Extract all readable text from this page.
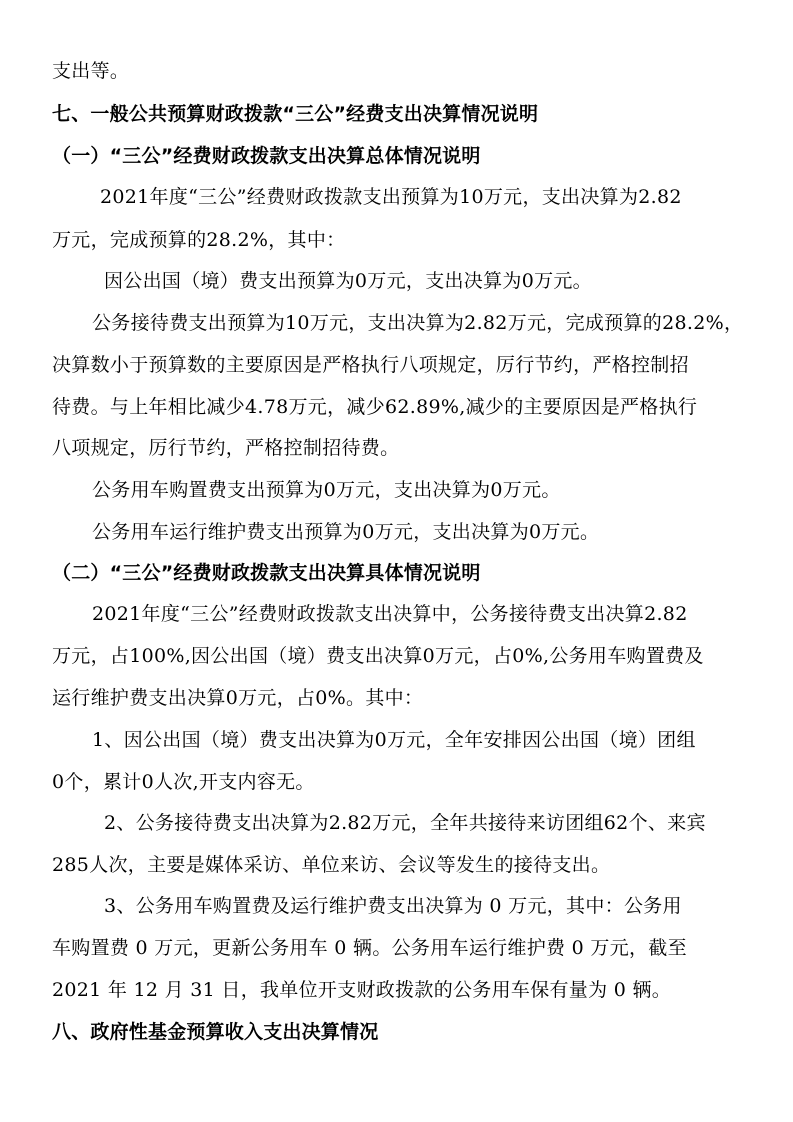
支出等。
七、一般公共预算财政拨款“三公”经费支出决算情况说明
（一）“三公”经费财政拨款支出决算总体情况说明
2021年度“三公”经费财政拨款支出预算为10万元，支出决算为2.82
万元，完成预算的28.2%，其中：
因公出国（境）费支出预算为0万元，支出决算为0万元。
公务接待费支出预算为10万元，支出决算为2.82万元，完成预算的28.2%，
决算数小于预算数的主要原因是严格执行八项规定，厉行节约，严格控制招
待费。与上年相比减少4.78万元，减少62.89%,减少的主要原因是严格执行
八项规定，厉行节约，严格控制招待费。
公务用车购置费支出预算为0万元，支出决算为0万元。
公务用车运行维护费支出预算为0万元，支出决算为0万元。
（二）“三公”经费财政拨款支出决算具体情况说明
2021年度“三公”经费财政拨款支出决算中，公务接待费支出决算2.82
万元，占100%,因公出国（境）费支出决算0万元，占0%,公务用车购置费及
运行维护费支出决算0万元，占0%。其中：
1、因公出国（境）费支出决算为0万元，全年安排因公出国（境）团组
0个，累计0人次,开支内容无。
2、公务接待费支出决算为2.82万元，全年共接待来访团组62个、来宾
285人次，主要是媒体采访、单位来访、会议等发生的接待支出。
3、公务用车购置费及运行维护费支出决算为 0 万元，其中：公务用
车购置费 0 万元，更新公务用车 0 辆。公务用车运行维护费 0 万元，截至
2021 年 12 月 31 日，我单位开支财政拨款的公务用车保有量为 0 辆。
八、政府性基金预算收入支出决算情况
